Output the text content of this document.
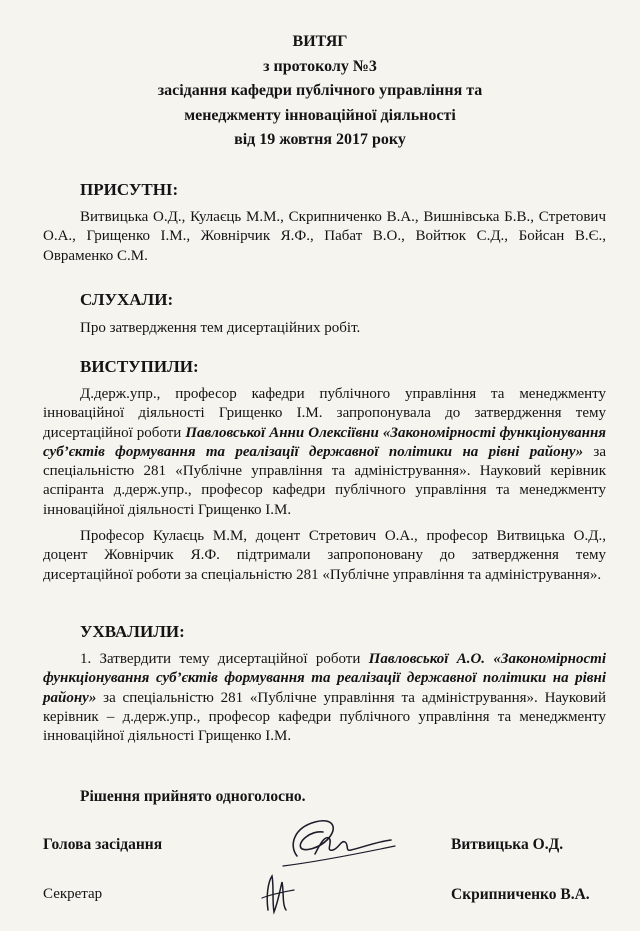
ВИТЯГ
з протоколу №3
засідання кафедри публічного управління та
менеджменту інноваційної діяльності
від 19 жовтня 2017 року
ПРИСУТНІ:

Витвицька О.Д., Кулаєць М.М., Скрипниченко В.А., Вишнівська Б.В., Стретович О.А., Грищенко І.М., Жовнірчик Я.Ф., Пабат В.О., Войтюк С.Д., Бойсан В.Є., Овраменко С.М.

СЛУХАЛИ:

Про затвердження тем дисертаційних робіт.

ВИСТУПИЛИ:

Д.держ.упр., професор кафедри публічного управління та менеджменту інноваційної діяльності Грищенко І.М. запропонувала до затвердження тему дисертаційної роботи Павловської Анни Олексіївни «Закономірності функціонування суб’єктів формування та реалізації державної політики на рівні району» за спеціальністю 281 «Публічне управління та адміністрування». Науковий керівник аспіранта д.держ.упр., професор кафедри публічного управління та менеджменту інноваційної діяльності Грищенко І.М.

Професор Кулаєць М.М, доцент Стретович О.А., професор Витвицька О.Д., доцент Жовнірчик Я.Ф. підтримали запропоновану до затвердження тему дисертаційної роботи за спеціальністю 281 «Публічне управління та адміністрування».

УХВАЛИЛИ:

1. Затвердити тему дисертаційної роботи Павловської А.О. «Закономірності функціонування суб’єктів формування та реалізації державної політики на рівні району» за спеціальністю 281 «Публічне управління та адміністрування». Науковий керівник – д.держ.упр., професор кафедри публічного управління та менеджменту інноваційної діяльності Грищенко І.М.

Рішення прийнято одноголосно.
Голова засідання	Витвицька О.Д.
Секретар	Скрипниченко В.А.
